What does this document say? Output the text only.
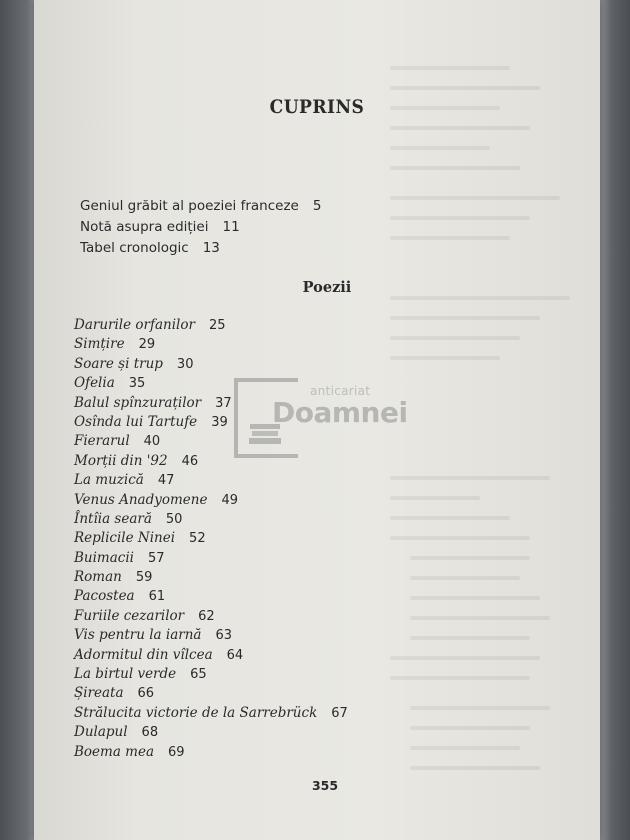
CUPRINS
Geniul grăbit al poeziei franceze 5
Notă asupra ediției 11
Tabel cronologic 13
Poezii
Darurile orfanilor 25
Simțire 29
Soare și trup 30
Ofelia 35
Balul spînzuraților 37
Osînda lui Tartufe 39
Fierarul 40
Morții din '92 46
La muzică 47
Venus Anadyomene 49
Întîia seară 50
Replicile Ninei 52
Buimacii 57
Roman 59
Pacostea 61
Furiile cezarilor 62
Vis pentru la iarnă 63
Adormitul din vîlcea 64
La birtul verde 65
Șireata 66
Strălucita victorie de la Sarrebrück 67
Dulapul 68
Boema mea 69
355
anticariat
Doamnei
